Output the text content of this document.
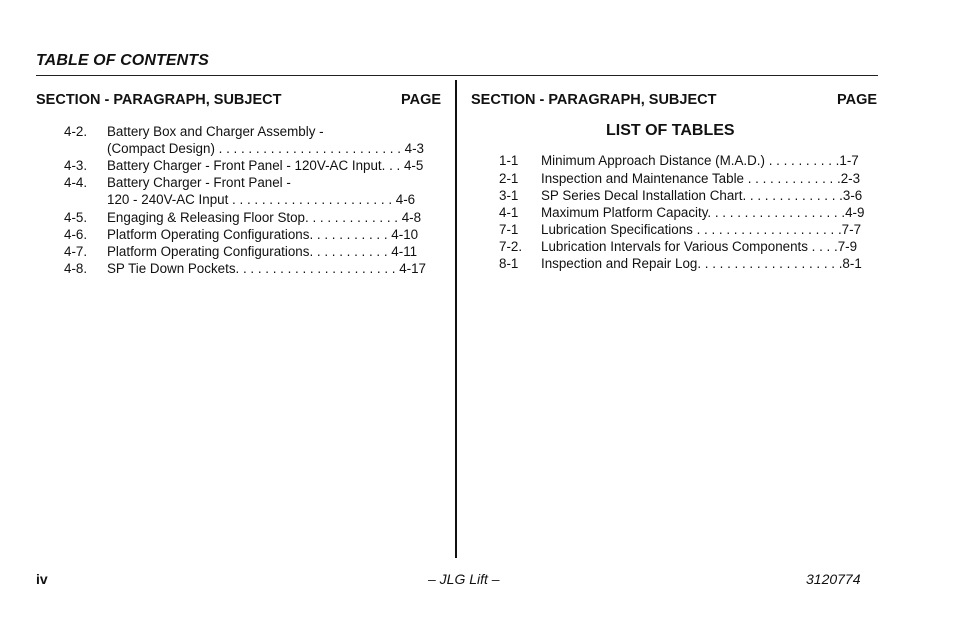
TABLE OF CONTENTS
SECTION - PARAGRAPH, SUBJECT	PAGE
4-2. Battery Box and Charger Assembly -
(Compact Design) . . . . . . . . . . . . . . . . . . . . . . . . . 4-3
4-3. Battery Charger - Front Panel - 120V-AC Input. . . 4-5
4-4. Battery Charger - Front Panel -
120 - 240V-AC Input . . . . . . . . . . . . . . . . . . . . . . 4-6
4-5. Engaging & Releasing Floor Stop. . . . . . . . . . . . . 4-8
4-6. Platform Operating Configurations. . . . . . . . . . . 4-10
4-7. Platform Operating Configurations. . . . . . . . . . . 4-11
4-8. SP Tie Down Pockets. . . . . . . . . . . . . . . . . . . . . . 4-17
SECTION - PARAGRAPH, SUBJECT	PAGE
LIST OF TABLES
1-1 Minimum Approach Distance (M.A.D.) . . . . . . . . . .1-7
2-1 Inspection and Maintenance Table . . . . . . . . . . . . .2-3
3-1 SP Series Decal Installation Chart. . . . . . . . . . . . . .3-6
4-1 Maximum Platform Capacity. . . . . . . . . . . . . . . . . . .4-9
7-1 Lubrication Specifications . . . . . . . . . . . . . . . . . . . .7-7
7-2. Lubrication Intervals for Various Components . . . .7-9
8-1 Inspection and Repair Log. . . . . . . . . . . . . . . . . . . .8-1
iv	– JLG Lift –	3120774
